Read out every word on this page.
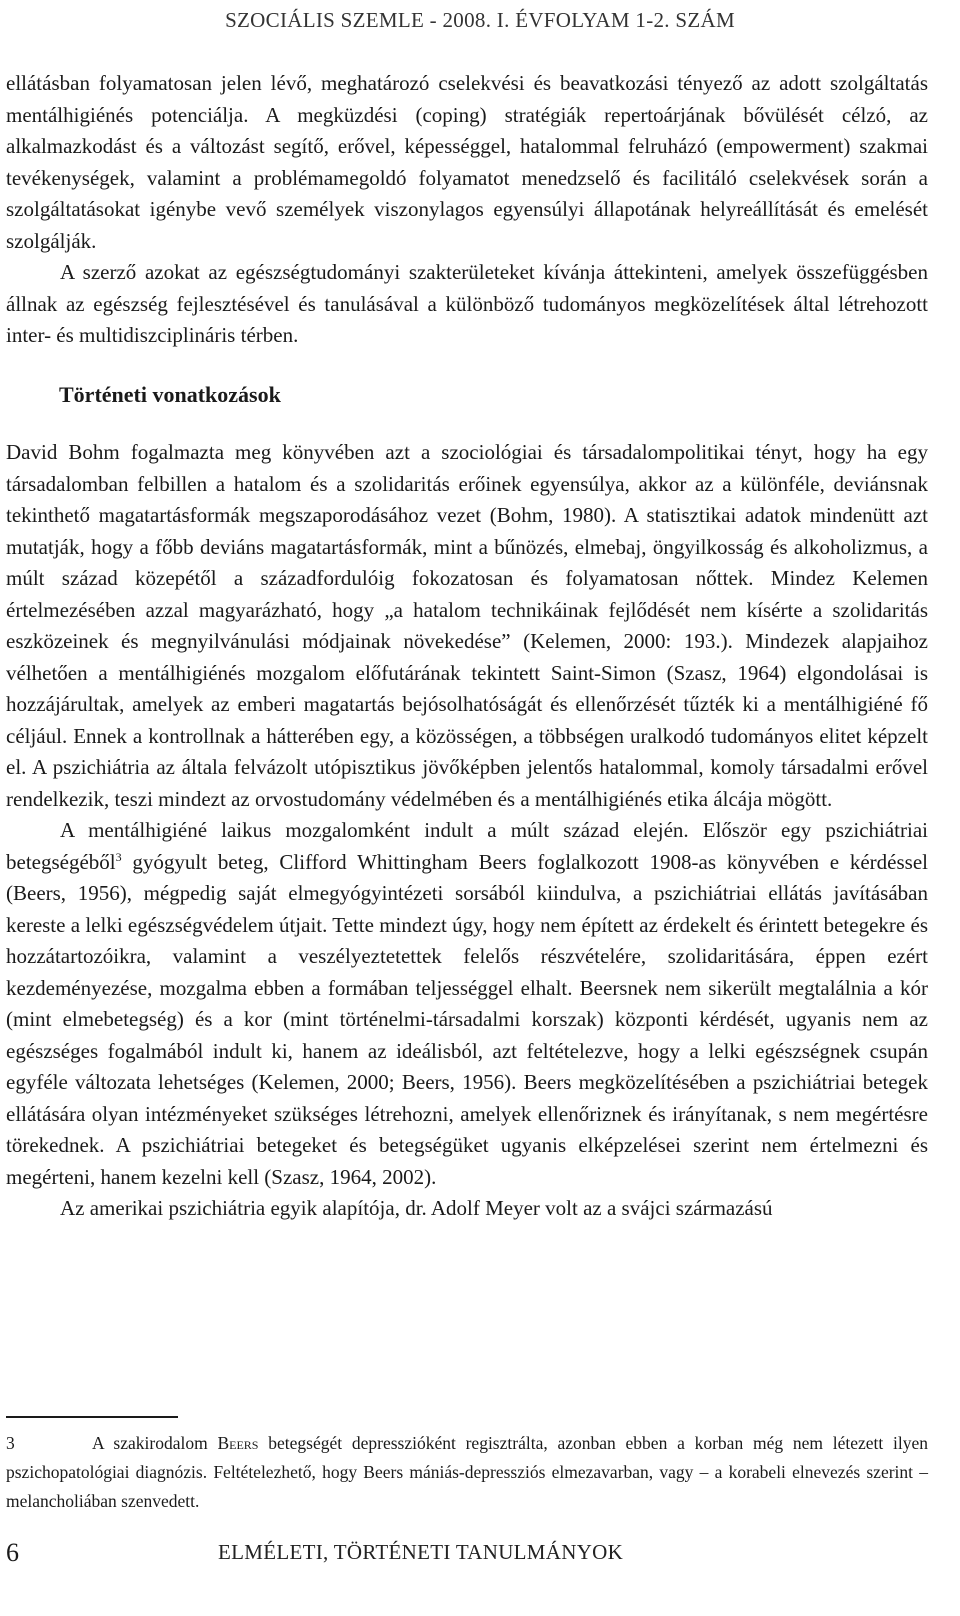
SZOCIÁLIS SZEMLE - 2008. I. ÉVFOLYAM 1-2. SZÁM

ellátásban folyamatosan jelen lévő, meghatározó cselekvési és beavatkozási tényező az adott szolgáltatás mentálhigiénés potenciálja. A megküzdési (coping) stratégiák repertoárjának bővülését célzó, az alkalmazkodást és a változást segítő, erővel, képességgel, hatalommal felruházó (empowerment) szakmai tevékenységek, valamint a problémamegoldó folyamatot menedzselő és facilitáló cselekvések során a szolgáltatásokat igénybe vevő személyek viszonylagos egyensúlyi állapotának helyreállítását és emelését szolgálják.

A szerző azokat az egészségtudományi szakterületeket kívánja áttekinteni, amelyek összefüggésben állnak az egészség fejlesztésével és tanulásával a különböző tudományos megközelítések által létrehozott inter- és multidiszciplináris térben.

Történeti vonatkozások

David Bohm fogalmazta meg könyvében azt a szociológiai és társadalompolitikai tényt, hogy ha egy társadalomban felbillen a hatalom és a szolidaritás erőinek egyensúlya, akkor az a különféle, deviánsnak tekinthető magatartásformák megszaporodásához vezet (Bohm, 1980). A statisztikai adatok mindenütt azt mutatják, hogy a főbb deviáns magatartásformák, mint a bűnözés, elmebaj, öngyilkosság és alkoholizmus, a múlt század közepétől a századfordulóig fokozatosan és folyamatosan nőttek. Mindez Kelemen értelmezésében azzal magyarázható, hogy „a hatalom technikáinak fejlődését nem kísérte a szolidaritás eszközeinek és megnyilvánulási módjainak növekedése” (Kelemen, 2000: 193.). Mindezek alapjaihoz vélhetően a mentálhigiénés mozgalom előfutárának tekintett Saint-Simon (Szasz, 1964) elgondolásai is hozzájárultak, amelyek az emberi magatartás bejósolhatóságát és ellenőrzését tűzték ki a mentálhigiéné fő céljául. Ennek a kontrollnak a hátterében egy, a közösségen, a többségen uralkodó tudományos elitet képzelt el. A pszichiátria az általa felvázolt utópisztikus jövőképben jelentős hatalommal, komoly társadalmi erővel rendelkezik, teszi mindezt az orvostudomány védelmében és a mentálhigiénés etika álcája mögött.

A mentálhigiéné laikus mozgalomként indult a múlt század elején. Először egy pszichiátriai betegségéből$^3$ gyógyult beteg, Clifford Whittingham Beers foglalkozott 1908-as könyvében e kérdéssel (Beers, 1956), mégpedig saját elmegyógyintézeti sorsából kiindulva, a pszichiátriai ellátás javításában kereste a lelki egészségvédelem útjait. Tette mindezt úgy, hogy nem épített az érdekelt és érintett betegekre és hozzátartozóikra, valamint a veszélyeztetettek felelős részvételére, szolidaritására, éppen ezért kezdeményezése, mozgalma ebben a formában teljességgel elhalt. Beersnek nem sikerült megtalálnia a kór (mint elmebetegség) és a kor (mint történelmi-társadalmi korszak) központi kérdését, ugyanis nem az egészséges fogalmából indult ki, hanem az ideálisból, azt feltételezve, hogy a lelki egészségnek csupán egyféle változata lehetséges (Kelemen, 2000; Beers, 1956). Beers megközelítésében a pszichiátriai betegek ellátására olyan intézményeket szükséges létrehozni, amelyek ellenőriznek és irányítanak, s nem megértésre törekednek. A pszichiátriai betegeket és betegségüket ugyanis elképzelései szerint nem értelmezni és megérteni, hanem kezelni kell (Szasz, 1964, 2002).

Az amerikai pszichiátria egyik alapítója, dr. Adolf Meyer volt az a svájci származású

3	A szakirodalom Beers betegségét depresszióként regisztrálta, azonban ebben a korban még nem létezett ilyen pszichopatológiai diagnózis. Feltételezhető, hogy Beers mániás-depressziós elmezavarban, vagy – a korabeli elnevezés szerint – melancholiában szenvedett.
6	ELMÉLETI, TÖRTÉNETI TANULMÁNYOK
